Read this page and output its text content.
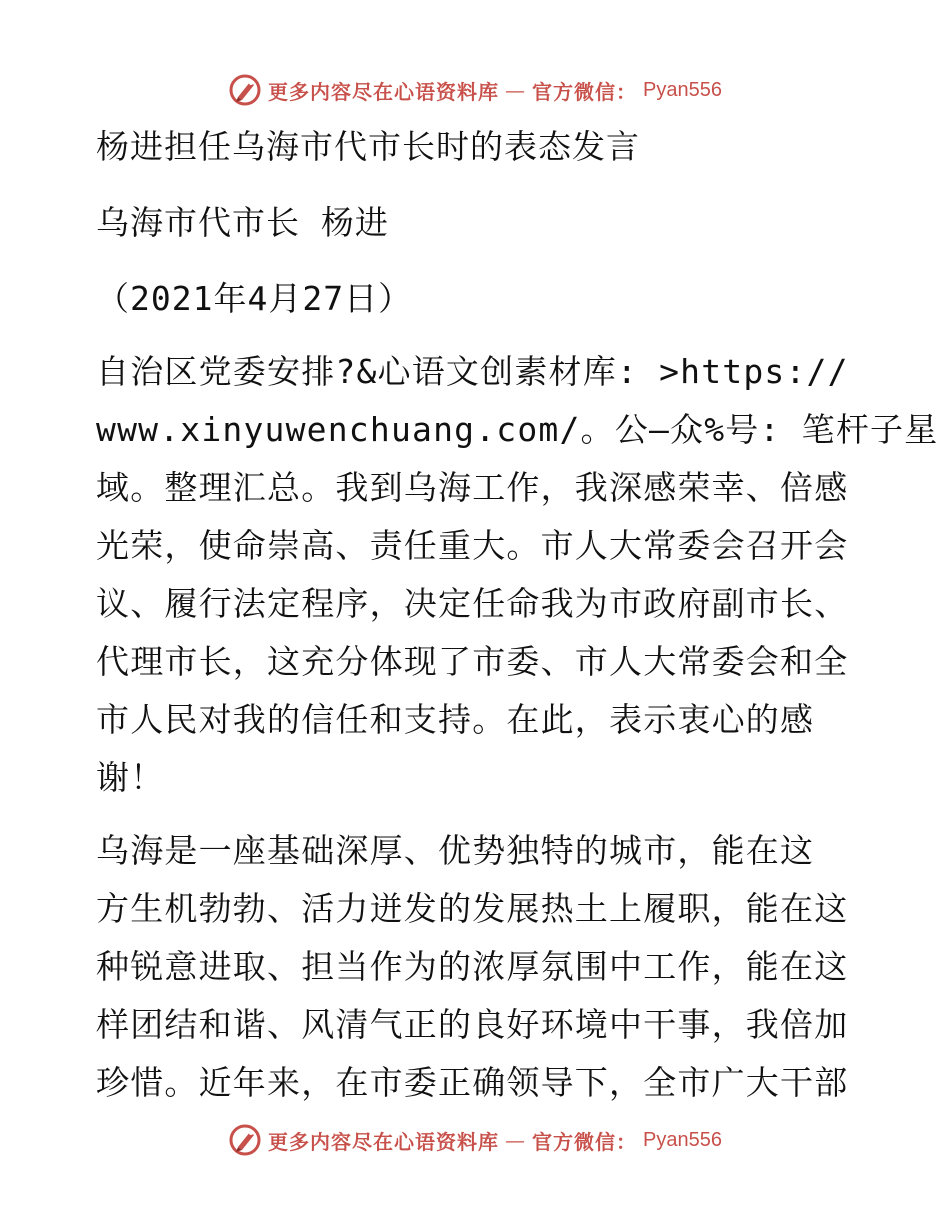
更多内容尽在心语资料库 — 官方微信： Pyan556
杨进担任乌海市代市长时的表态发言
乌海市代市长 杨进
（2021年4月27日）
自治区党委安排?&心语文创素材库: >https://
www.xinyuwenchuang.com/。公—众%号: 笔杆子星
域。整理汇总。我到乌海工作，我深感荣幸、倍感
光荣，使命崇高、责任重大。市人大常委会召开会
议、履行法定程序，决定任命我为市政府副市长、
代理市长，这充分体现了市委、市人大常委会和全
市人民对我的信任和支持。在此，表示衷心的感
谢！
乌海是一座基础深厚、优势独特的城市，能在这
方生机勃勃、活力迸发的发展热土上履职，能在这
种锐意进取、担当作为的浓厚氛围中工作，能在这
样团结和谐、风清气正的良好环境中干事，我倍加
珍惜。近年来，在市委正确领导下，全市广大干部
更多内容尽在心语资料库 — 官方微信： Pyan556
